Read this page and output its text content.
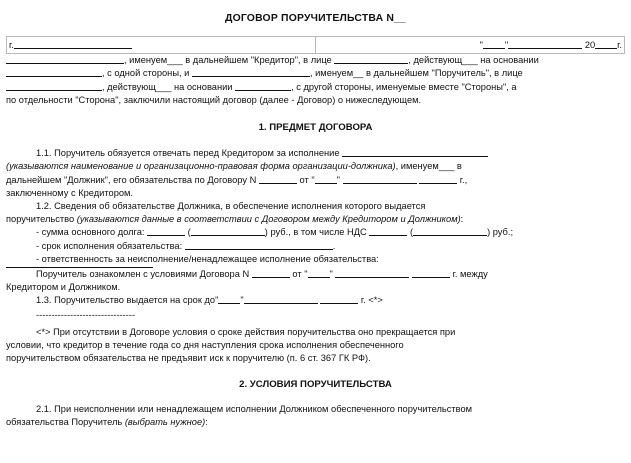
ДОГОВОР ПОРУЧИТЕЛЬСТВА N__
г.	" "	20 г.

, именуем___ в дальнейшем "Кредитор", в лице	, действующ___ на основании

, с одной стороны, и	, именуем__ в дальнейшем "Поручитель", в лице

, действующ___ на основании	, с другой стороны, именуемые вместе "Стороны", а

по отдельности "Сторона", заключили настоящий договор (далее - Договор) о нижеследующем.

1. ПРЕДМЕТ ДОГОВОРА

1.1. Поручитель обязуется отвечать перед Кредитором за исполнение

(указываются наименование и организационно-правовая форма организации-должника), именуем___ в

дальнейшем "Должник", его обязательства по Договору N	от " "	г.,

заключенному с Кредитором.

1.2. Сведения об обязательстве Должника, в обеспечение исполнения которого выдается

поручительство (указываются данные в соответствии с Договором между Кредитором и Должником):

- сумма основного долга:	(	) руб., в том числе НДС	(	) руб.;

- срок исполнения обязательства:	.

- ответственность за неисполнение/ненадлежащее исполнение обязательства:

Поручитель ознакомлен с условиями Договора N	от " "	г. между

Кредитором и Должником.

1.3. Поручительство выдается на срок до" "	г. <*>

--------------------------------

<*> При отсутствии в Договоре условия о сроке действия поручительства оно прекращается при

условии, что кредитор в течение года со дня наступления срока исполнения обеспеченного

поручительством обязательства не предъявит иск к поручителю (п. 6 ст. 367 ГК РФ).

2. УСЛОВИЯ ПОРУЧИТЕЛЬСТВА

2.1. При неисполнении или ненадлежащем исполнении Должником обеспеченного поручительством

обязательства Поручитель (выбрать нужное):
